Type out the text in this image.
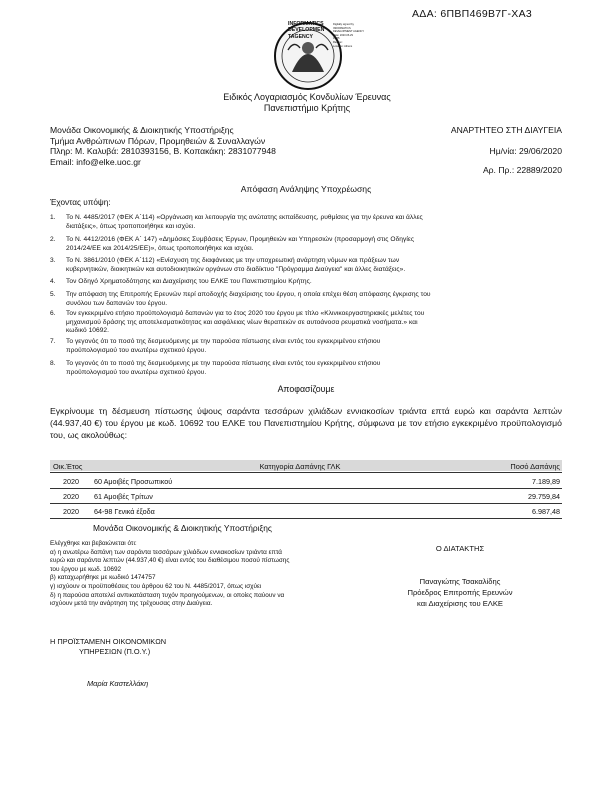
ΑΔΑ: 6ΠΒΠ469Β7Γ-ΧΑ3
INFORMATICS
DEVELOPMEN
TAGENCY
Digitally signed by
INFORMATICS
DEVELOPMENT AGENCY
Date: 2020.06.29
16:55
Reason:
Location: Athens
Ειδικός Λογαριασμός Κονδυλίων Έρευνας
Πανεπιστήμιο Κρήτης
Μονάδα Οικονομικής & Διοικητικής Υποστήριξης
Τμήμα Ανθρώπινων Πόρων, Προμηθειών & Συναλλαγών
Πληρ: Μ. Καλυβά: 2810393156, Β. Κοπακάκη: 2831077948
Email: info@elke.uoc.gr
ΑΝΑΡΤΗΤΕΟ ΣΤΗ ΔΙΑΥΓΕΙΑ
Ημ/νία: 29/06/2020
Αρ. Πρ.: 22889/2020
Απόφαση Ανάληψης Υποχρέωσης
Έχοντας υπόψη:
1.	Το Ν. 4485/2017 (ΦΕΚ Α΄114) «Οργάνωση και λειτουργία της ανώτατης εκπαίδευσης, ρυθμίσεις για την έρευνα και άλλες
διατάξεις», όπως τροποποιήθηκε και ισχύει.
2.	Το Ν. 4412/2016 (ΦΕΚ Α΄ 147) «Δημόσιες Συμβάσεις Έργων, Προμηθειών και Υπηρεσιών (προσαρμογή στις Οδηγίες
2014/24/ΕΕ και 2014/25/ΕΕ)», όπως τροποποιήθηκε και ισχύει.
3.	Το Ν. 3861/2010 (ΦΕΚ Α΄112) «Ενίσχυση της διαφάνειας με την υποχρεωτική ανάρτηση νόμων και πράξεων των
κυβερνητικών, διοικητικών και αυτοδιοικητικών οργάνων στο διαδίκτυο "Πρόγραμμα Διαύγεια" και άλλες διατάξεις».
4.	Τον Οδηγό Χρηματοδότησης και Διαχείρισης του ΕΛΚΕ του Πανεπιστημίου Κρήτης.
5.	Την απόφαση της Επιτροπής Ερευνών περί αποδοχής διαχείρισης του έργου, η οποία επέχει θέση απόφασης έγκρισης του
συνόλου των δαπανών του έργου.
6.	Τον εγκεκριμένο ετήσιο προϋπολογισμό δαπανών για το έτος 2020 του έργου με τίτλο «Κλινικοεργαστηριακές μελέτες του
μηχανισμού δράσης της αποτελεσματικότητας και ασφάλειας νέων θεραπειών σε αυτοάνοσα ρευματικά νοσήματα.» και
κωδικό 10692.
7.	Το γεγονός ότι το ποσό της δεσμευόμενης με την παρούσα πίστωσης είναι εντός του εγκεκριμένου ετήσιου
προϋπολογισμού του ανωτέρω σχετικού έργου.
8.	Το γεγονός ότι το ποσό της δεσμευόμενης με την παρούσα πίστωσης είναι εντός του εγκεκριμένου ετήσιου
προϋπολογισμού του ανωτέρω σχετικού έργου.
Αποφασίζουμε
Εγκρίνουμε τη δέσμευση πίστωσης ύψους σαράντα τεσσάρων χιλιάδων εννιακοσίων τριάντα επτά ευρώ και σαράντα λεπτών (44.937,40 €) του έργου με κωδ. 10692 του ΕΛΚΕ του Πανεπιστημίου Κρήτης, σύμφωνα με τον ετήσιο εγκεκριμένο προϋπολογισμό του, ως ακολούθως:
Οικ.Έτος	Κατηγορία Δαπάνης ΓΛΚ	Ποσό Δαπάνης
2020 60 Αμοιβές Προσωπικού	7.189,89
2020 61 Αμοιβές Τρίτων	29.759,84
2020 64-98 Γενικά έξοδα	6.987,48
Μονάδα Οικονομικής & Διοικητικής Υποστήριξης
Ελέγχθηκε και βεβαιώνεται ότι:
α) η ανωτέρω δαπάνη των σαράντα τεσσάρων χιλιάδων εννιακοσίων τριάντα επτά
ευρώ και σαράντα λεπτών (44.937,40 €) είναι εντός του διαθέσιμου ποσού πίστωσης
του έργου με κωδ. 10692
β) καταχωρήθηκε με κωδικό 1474757
γ) ισχύουν οι προϋποθέσεις του άρθρου 62 του Ν. 4485/2017, όπως ισχύει
δ) η παρούσα αποτελεί ανπικατάσταση τυχόν προηγούμενων, οι οποίες παύουν να
ισχύουν μετά την ανάρτηση της τρέχουσας στην Διαύγεια.
Ο ΔΙΑΤΑΚΤΗΣ
Παναγιώτης Τσακαλίδης
Πρόεδρος Επιτροπής Ερευνών
και Διαχείρισης του ΕΛΚΕ
Η ΠΡΟΪΣΤΑΜΕΝΗ ΟΙΚΟΝΟΜΙΚΩΝ
ΥΠΗΡΕΣΙΩΝ (Π.Ο.Υ.)
Μαρία Καστελλάκη
